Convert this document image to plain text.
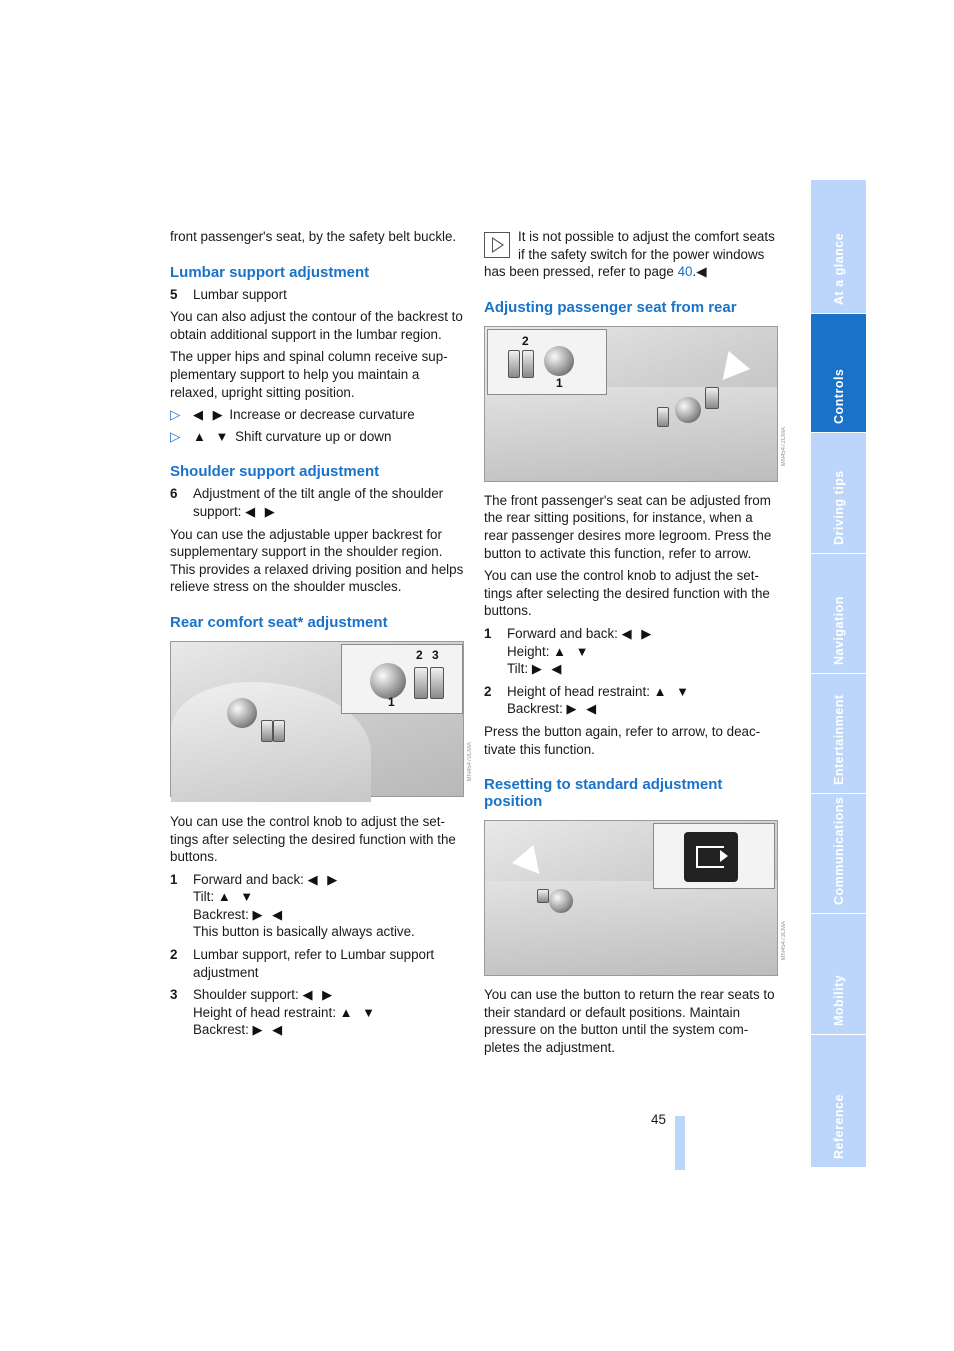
front passenger's seat, by the safety belt buckle.

Lumbar support adjustment
5	Lumbar support

You can also adjust the contour of the backrest to obtain additional support in the lumbar region.

The upper hips and spinal column receive sup-plementary support to help you maintain a relaxed, upright sitting position.

▷ ◀ ▶ Increase or decrease curvature
▷ ▲ ▼ Shift curvature up or down
Shoulder support adjustment
6	Adjustment of the tilt angle of the shoulder support: ◀ ▶

You can use the adjustable upper backrest for supplementary support in the shoulder region. This provides a relaxed driving position and helps relieve stress on the shoulder muscles.

Rear comfort seat* adjustment
2 3
1
MN45470CMA

You can use the control knob to adjust the set-tings after selecting the desired function with the buttons.

1	Forward and back: ◀ ▶
Tilt: ▲ ▼
Backrest: ▶ ◀
This button is basically always active.
2	Lumbar support, refer to Lumbar support adjustment
3	Shoulder support: ◀ ▶
Height of head restraint: ▲ ▼
Backrest: ▶ ◀

It is not possible to adjust the comfort seats if the safety switch for the power windows has been pressed, refer to page 40.◀

Adjusting passenger seat from rear
2
1
MN45472CMA

The front passenger's seat can be adjusted from the rear sitting positions, for instance, when a rear passenger desires more legroom. Press the button to activate this function, refer to arrow.

You can use the control knob to adjust the set-tings after selecting the desired function with the buttons.

1	Forward and back: ◀ ▶
Height: ▲ ▼
Tilt: ▶ ◀
2	Height of head restraint: ▲ ▼
Backrest: ▶ ◀

Press the button again, refer to arrow, to deac-tivate this function.

Resetting to standard adjustment position
MN45473CMA

You can use the button to return the rear seats to their standard or default positions. Maintain pressure on the button until the system com-pletes the adjustment.

At a glance
Controls
Driving tips
Navigation
Entertainment
Communications
Mobility
Reference
45
